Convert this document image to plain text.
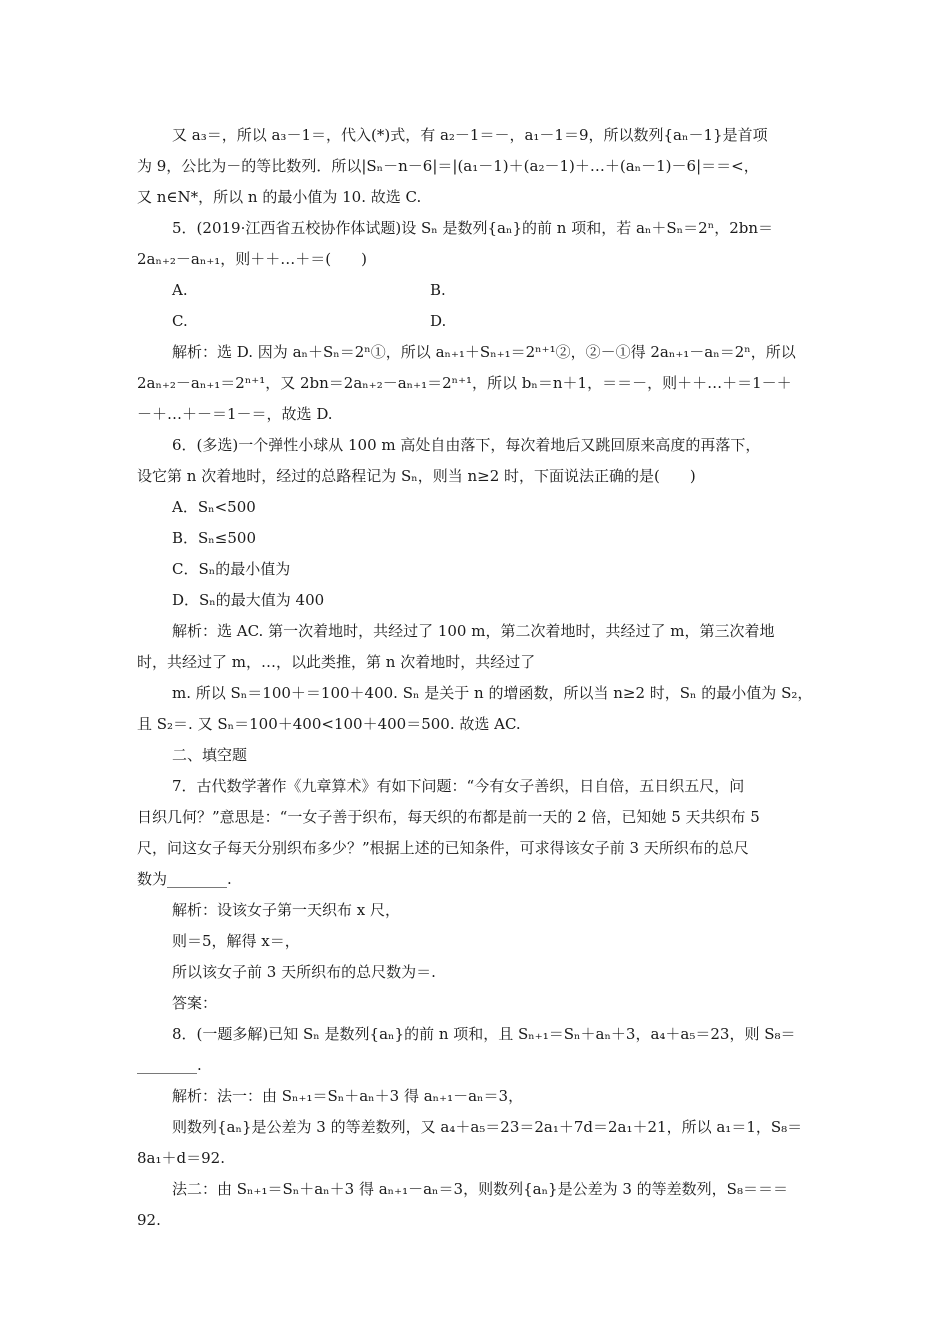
又 a₃＝，所以 a₃－1＝，代入(*)式，有 a₂－1＝－，a₁－1＝9，所以数列{aₙ－1}是首项
为 9，公比为－的等比数列．所以|Sₙ－n－6|＝|(a₁－1)＋(a₂－1)＋…＋(aₙ－1)－6|＝＝<，
又 n∈N*，所以 n 的最小值为 10. 故选 C.
5．(2019·江西省五校协作体试题)设 Sₙ 是数列{aₙ}的前 n 项和，若 aₙ＋Sₙ＝2ⁿ，2bn＝
2aₙ₊₂－aₙ₊₁，则＋＋…＋＝(　　)
A.	B.
C.	D.
解析：选 D. 因为 aₙ＋Sₙ＝2ⁿ①，所以 aₙ₊₁＋Sₙ₊₁＝2ⁿ⁺¹②，②－①得 2aₙ₊₁－aₙ＝2ⁿ，所以
2aₙ₊₂－aₙ₊₁＝2ⁿ⁺¹，又 2bn＝2aₙ₊₂－aₙ₊₁＝2ⁿ⁺¹，所以 bₙ＝n＋1，＝＝－，则＋＋…＋＝1－＋
－＋…＋－＝1－＝，故选 D.
6．(多选)一个弹性小球从 100 m 高处自由落下，每次着地后又跳回原来高度的再落下，
设它第 n 次着地时，经过的总路程记为 Sₙ，则当 n≥2 时，下面说法正确的是(　　)
A．Sₙ<500
B．Sₙ≤500
C．Sₙ的最小值为
D．Sₙ的最大值为 400
解析：选 AC. 第一次着地时，共经过了 100 m，第二次着地时，共经过了 m，第三次着地
时，共经过了 m，…，以此类推，第 n 次着地时，共经过了
m. 所以 Sₙ＝100＋＝100＋400. Sₙ 是关于 n 的增函数，所以当 n≥2 时，Sₙ 的最小值为 S₂，
且 S₂＝. 又 Sₙ＝100＋400<100＋400＝500. 故选 AC.
二、填空题
7．古代数学著作《九章算术》有如下问题：“今有女子善织，日自倍，五日织五尺，问
日织几何？”意思是：“一女子善于织布，每天织的布都是前一天的 2 倍，已知她 5 天共织布 5
尺，问这女子每天分别织布多少？”根据上述的已知条件，可求得该女子前 3 天所织布的总尺
数为________.
解析：设该女子第一天织布 x 尺，
则＝5，解得 x＝，
所以该女子前 3 天所织布的总尺数为＝.
答案：
8．(一题多解)已知 Sₙ 是数列{aₙ}的前 n 项和，且 Sₙ₊₁＝Sₙ＋aₙ＋3，a₄＋a₅＝23，则 S₈＝
________.
解析：法一：由 Sₙ₊₁＝Sₙ＋aₙ＋3 得 aₙ₊₁－aₙ＝3，
则数列{aₙ}是公差为 3 的等差数列，又 a₄＋a₅＝23＝2a₁＋7d＝2a₁＋21，所以 a₁＝1，S₈＝
8a₁＋d＝92.
法二：由 Sₙ₊₁＝Sₙ＋aₙ＋3 得 aₙ₊₁－aₙ＝3，则数列{aₙ}是公差为 3 的等差数列，S₈＝＝＝
92.
